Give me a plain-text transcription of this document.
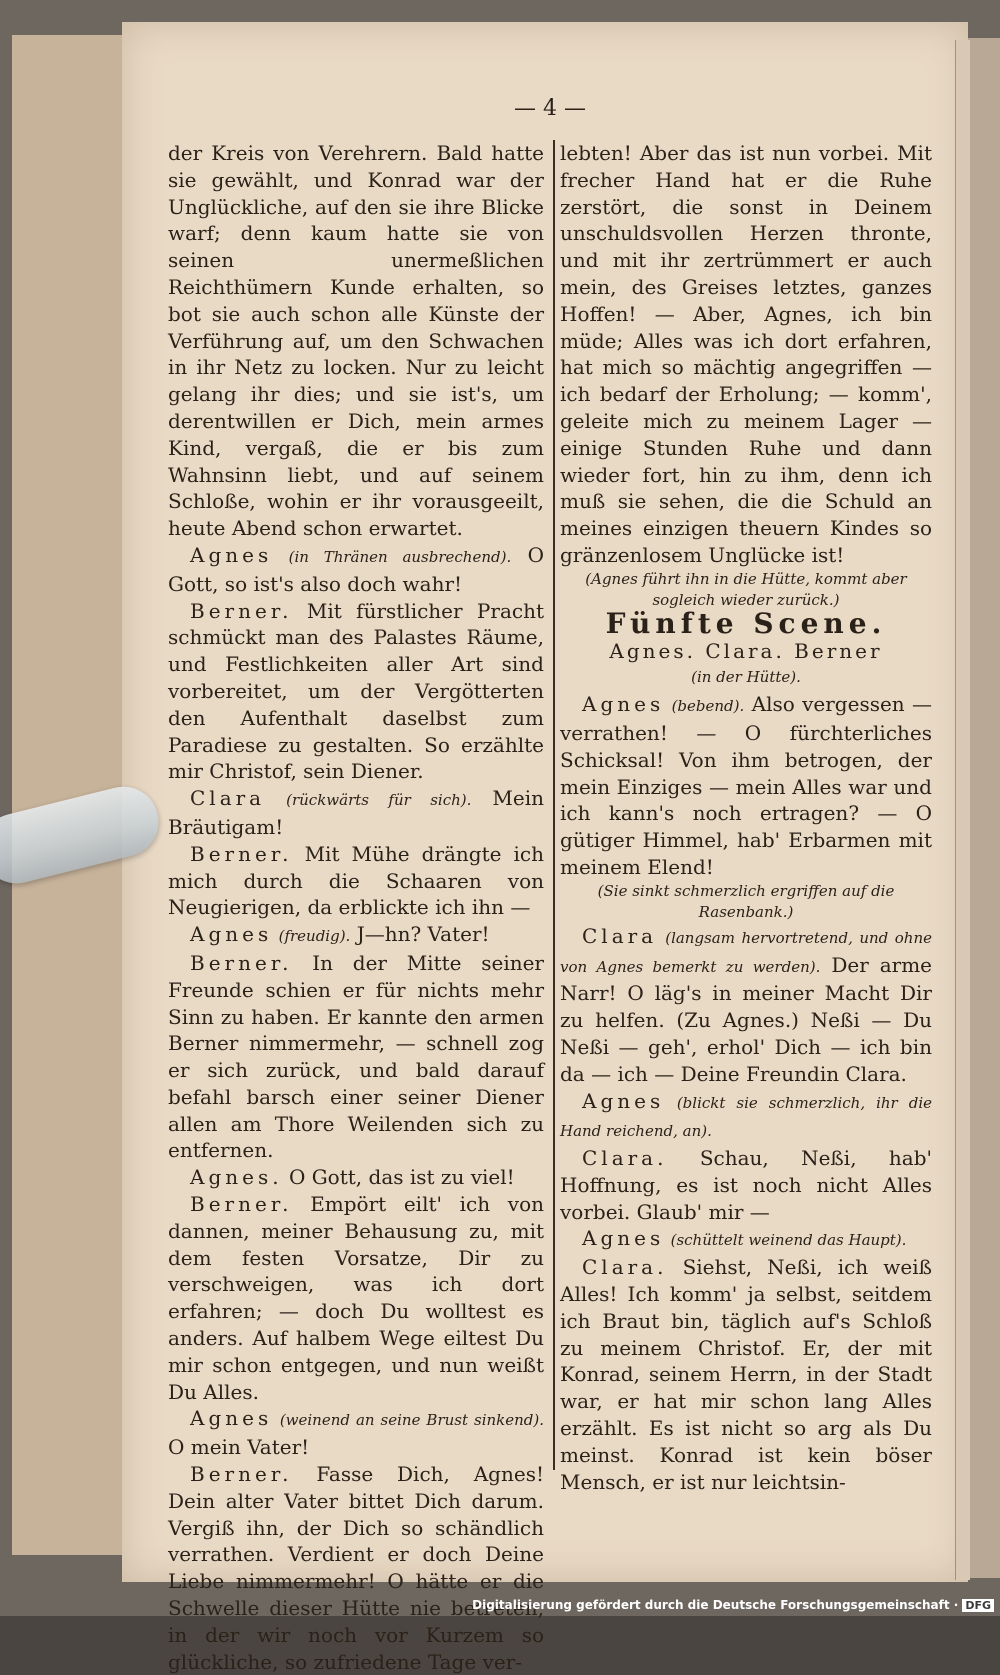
— 4 —

der Kreis von Verehrern. Bald hatte sie gewählt, und Konrad war der Unglückliche, auf den sie ihre Blicke warf; denn kaum hatte sie von seinen unermeßlichen Reichthümern Kunde erhalten, so bot sie auch schon alle Künste der Verführung auf, um den Schwachen in ihr Netz zu locken. Nur zu leicht gelang ihr dies; und sie ist's, um derentwillen er Dich, mein armes Kind, vergaß, die er bis zum Wahnsinn liebt, und auf seinem Schloße, wohin er ihr vorausgeeilt, heute Abend schon erwartet.

Agnes (in Thränen ausbrechend). O Gott, so ist's also doch wahr!

Berner. Mit fürstlicher Pracht schmückt man des Palastes Räume, und Festlichkeiten aller Art sind vorbereitet, um der Vergötterten den Aufenthalt daselbst zum Paradiese zu gestalten. So erzählte mir Christof, sein Diener.

Clara (rückwärts für sich). Mein Bräutigam!

Berner. Mit Mühe drängte ich mich durch die Schaaren von Neugierigen, da erblickte ich ihn —

Agnes (freudig). J—hn? Vater!

Berner. In der Mitte seiner Freunde schien er für nichts mehr Sinn zu haben. Er kannte den armen Berner nimmermehr, — schnell zog er sich zurück, und bald darauf befahl barsch einer seiner Diener allen am Thore Weilenden sich zu entfernen.

Agnes. O Gott, das ist zu viel!

Berner. Empört eilt' ich von dannen, meiner Behausung zu, mit dem festen Vorsatze, Dir zu verschweigen, was ich dort erfahren; — doch Du wolltest es anders. Auf halbem Wege eiltest Du mir schon entgegen, und nun weißt Du Alles.

Agnes (weinend an seine Brust sinkend). O mein Vater!

Berner. Fasse Dich, Agnes! Dein alter Vater bittet Dich darum. Vergiß ihn, der Dich so schändlich verrathen. Verdient er doch Deine Liebe nimmermehr! O hätte er die Schwelle dieser Hütte nie betreten, in der wir noch vor Kurzem so glückliche, so zufriedene Tage ver-

lebten! Aber das ist nun vorbei. Mit frecher Hand hat er die Ruhe zerstört, die sonst in Deinem unschuldsvollen Herzen thronte, und mit ihr zertrümmert er auch mein, des Greises letztes, ganzes Hoffen! — Aber, Agnes, ich bin müde; Alles was ich dort erfahren, hat mich so mächtig angegriffen — ich bedarf der Erholung; — komm', geleite mich zu meinem Lager — einige Stunden Ruhe und dann wieder fort, hin zu ihm, denn ich muß sie sehen, die die Schuld an meines einzigen theuern Kindes so gränzenlosem Unglücke ist!

(Agnes führt ihn in die Hütte, kommt aber sogleich wieder zurück.)

Fünfte Scene.

Agnes. Clara. Berner

(in der Hütte).

Agnes (bebend). Also vergessen — verrathen! — O fürchterliches Schicksal! Von ihm betrogen, der mein Einziges — mein Alles war und ich kann's noch ertragen? — O gütiger Himmel, hab' Erbarmen mit meinem Elend!

(Sie sinkt schmerzlich ergriffen auf die Rasenbank.)

Clara (langsam hervortretend, und ohne von Agnes bemerkt zu werden). Der arme Narr! O läg's in meiner Macht Dir zu helfen. (Zu Agnes.) Neßi — Du Neßi — geh', erhol' Dich — ich bin da — ich — Deine Freundin Clara.

Agnes (blickt sie schmerzlich, ihr die Hand reichend, an).

Clara. Schau, Neßi, hab' Hoffnung, es ist noch nicht Alles vorbei. Glaub' mir —

Agnes (schüttelt weinend das Haupt).

Clara. Siehst, Neßi, ich weiß Alles! Ich komm' ja selbst, seitdem ich Braut bin, täglich auf's Schloß zu meinem Christof. Er, der mit Konrad, seinem Herrn, in der Stadt war, er hat mir schon lang Alles erzählt. Es ist nicht so arg als Du meinst. Konrad ist kein böser Mensch, er ist nur leichtsin-

Digitalisierung gefördert durch die Deutsche Forschungsgemeinschaft · DFG
